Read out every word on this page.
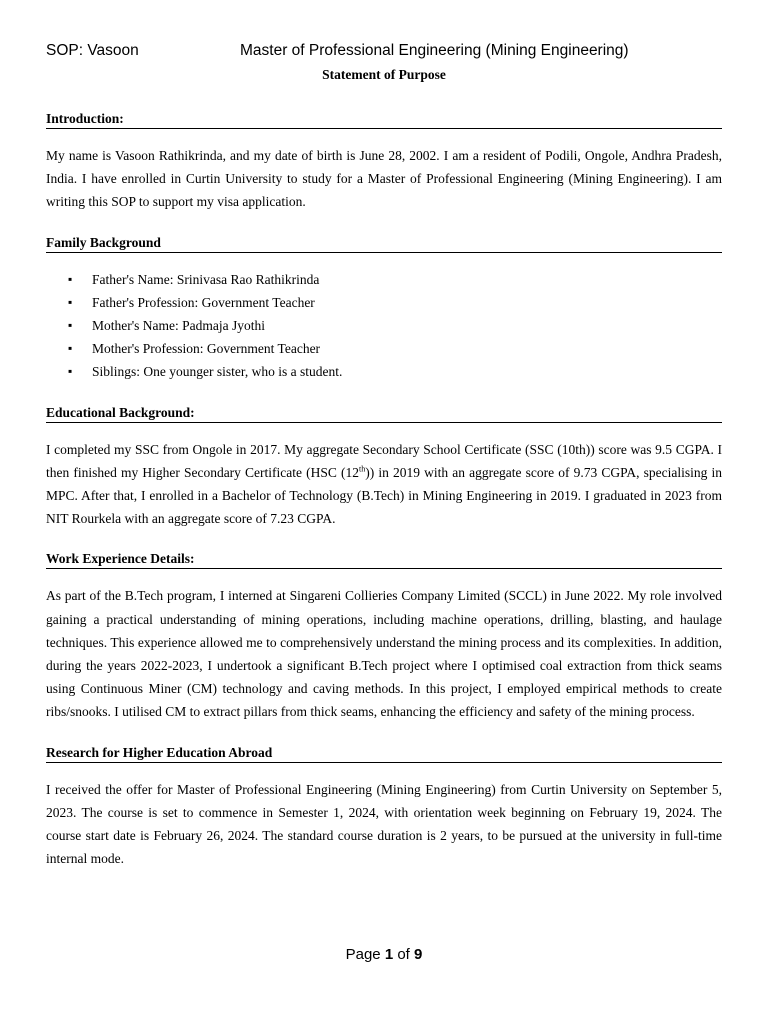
SOP: Vasoon	Master of Professional Engineering (Mining Engineering)
Statement of Purpose
Introduction:

My name is Vasoon Rathikrinda, and my date of birth is June 28, 2002. I am a resident of Podili, Ongole, Andhra Pradesh, India. I have enrolled in Curtin University to study for a Master of Professional Engineering (Mining Engineering). I am writing this SOP to support my visa application.

Family Background
▪ Father's Name: Srinivasa Rao Rathikrinda
▪ Father's Profession: Government Teacher
▪ Mother's Name: Padmaja Jyothi
▪ Mother's Profession: Government Teacher
▪ Siblings: One younger sister, who is a student.
Educational Background:

I completed my SSC from Ongole in 2017. My aggregate Secondary School Certificate (SSC (10th)) score was 9.5 CGPA. I then finished my Higher Secondary Certificate (HSC (12th)) in 2019 with an aggregate score of 9.73 CGPA, specialising in MPC. After that, I enrolled in a Bachelor of Technology (B.Tech) in Mining Engineering in 2019. I graduated in 2023 from NIT Rourkela with an aggregate score of 7.23 CGPA.

Work Experience Details:

As part of the B.Tech program, I interned at Singareni Collieries Company Limited (SCCL) in June 2022. My role involved gaining a practical understanding of mining operations, including machine operations, drilling, blasting, and haulage techniques. This experience allowed me to comprehensively understand the mining process and its complexities. In addition, during the years 2022-2023, I undertook a significant B.Tech project where I optimised coal extraction from thick seams using Continuous Miner (CM) technology and caving methods. In this project, I employed empirical methods to create ribs/snooks. I utilised CM to extract pillars from thick seams, enhancing the efficiency and safety of the mining process.

Research for Higher Education Abroad

I received the offer for Master of Professional Engineering (Mining Engineering) from Curtin University on September 5, 2023. The course is set to commence in Semester 1, 2024, with orientation week beginning on February 19, 2024. The course start date is February 26, 2024. The standard course duration is 2 years, to be pursued at the university in full-time internal mode.

Page 1 of 9
